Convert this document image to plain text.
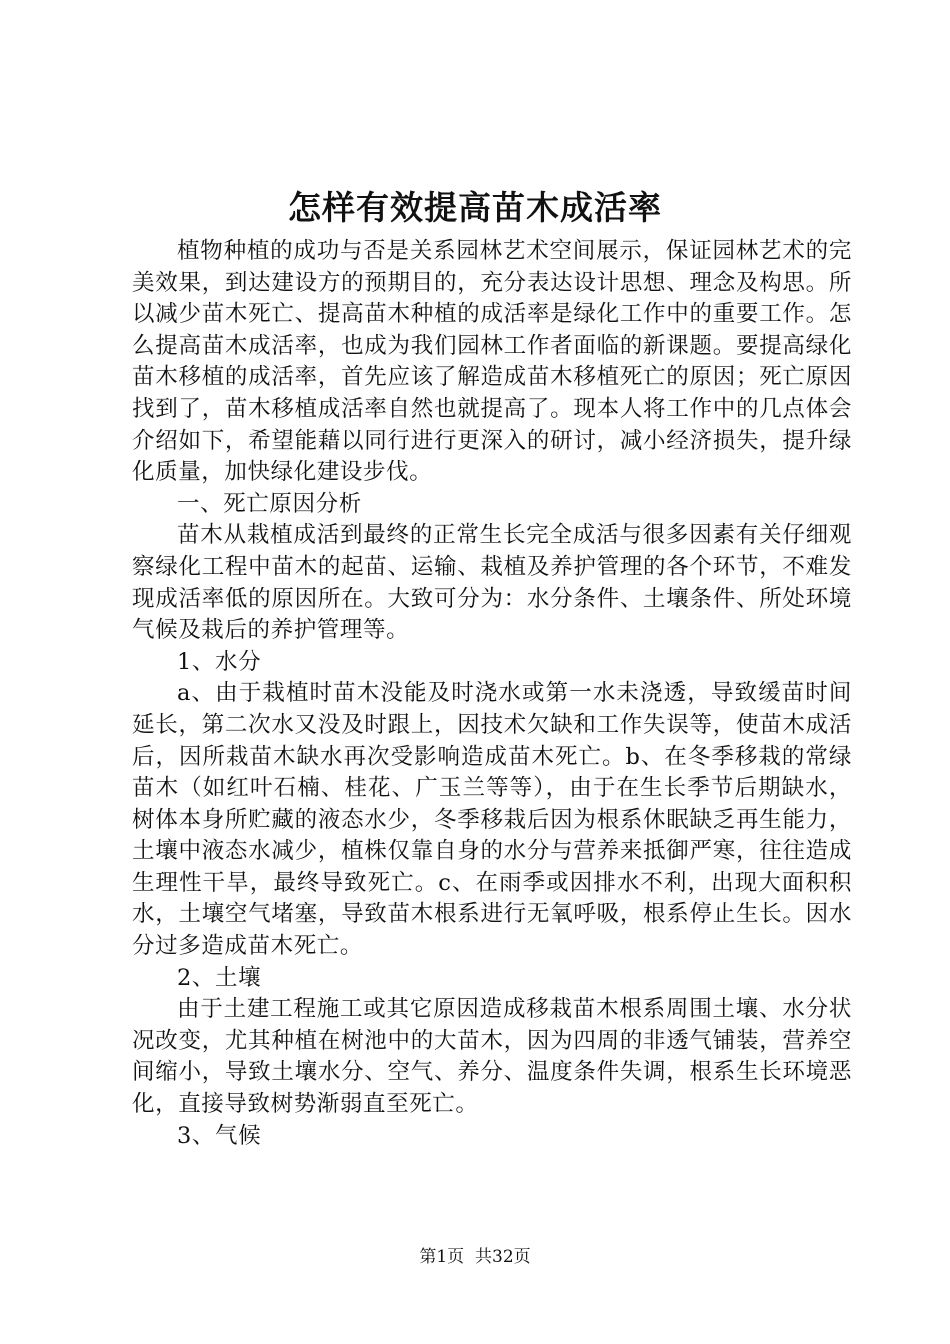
怎样有效提高苗木成活率

植物种植的成功与否是关系园林艺术空间展示，保证园林艺术的完美效果，到达建设方的预期目的，充分表达设计思想、理念及构思。所以减少苗木死亡、提高苗木种植的成活率是绿化工作中的重要工作。怎么提高苗木成活率，也成为我们园林工作者面临的新课题。要提高绿化苗木移植的成活率，首先应该了解造成苗木移植死亡的原因；死亡原因找到了，苗木移植成活率自然也就提高了。现本人将工作中的几点体会介绍如下，希望能藉以同行进行更深入的研讨，减小经济损失，提升绿化质量，加快绿化建设步伐。

一、死亡原因分析

苗木从栽植成活到最终的正常生长完全成活与很多因素有关仔细观察绿化工程中苗木的起苗、运输、栽植及养护管理的各个环节，不难发现成活率低的原因所在。大致可分为：水分条件、土壤条件、所处环境气候及栽后的养护管理等。

1、水分

a、由于栽植时苗木没能及时浇水或第一水未浇透，导致缓苗时间延长，第二次水又没及时跟上，因技术欠缺和工作失误等，使苗木成活后，因所栽苗木缺水再次受影响造成苗木死亡。b、在冬季移栽的常绿苗木（如红叶石楠、桂花、广玉兰等等），由于在生长季节后期缺水，树体本身所贮藏的液态水少，冬季移栽后因为根系休眠缺乏再生能力，土壤中液态水减少，植株仅靠自身的水分与营养来抵御严寒，往往造成生理性干旱，最终导致死亡。c、在雨季或因排水不利，出现大面积积水，土壤空气堵塞，导致苗木根系进行无氧呼吸，根系停止生长。因水分过多造成苗木死亡。

2、土壤

由于土建工程施工或其它原因造成移栽苗木根系周围土壤、水分状况改变，尤其种植在树池中的大苗木，因为四周的非透气铺装，营养空间缩小，导致土壤水分、空气、养分、温度条件失调，根系生长环境恶化，直接导致树势渐弱直至死亡。

3、气候

第1页 共32页
